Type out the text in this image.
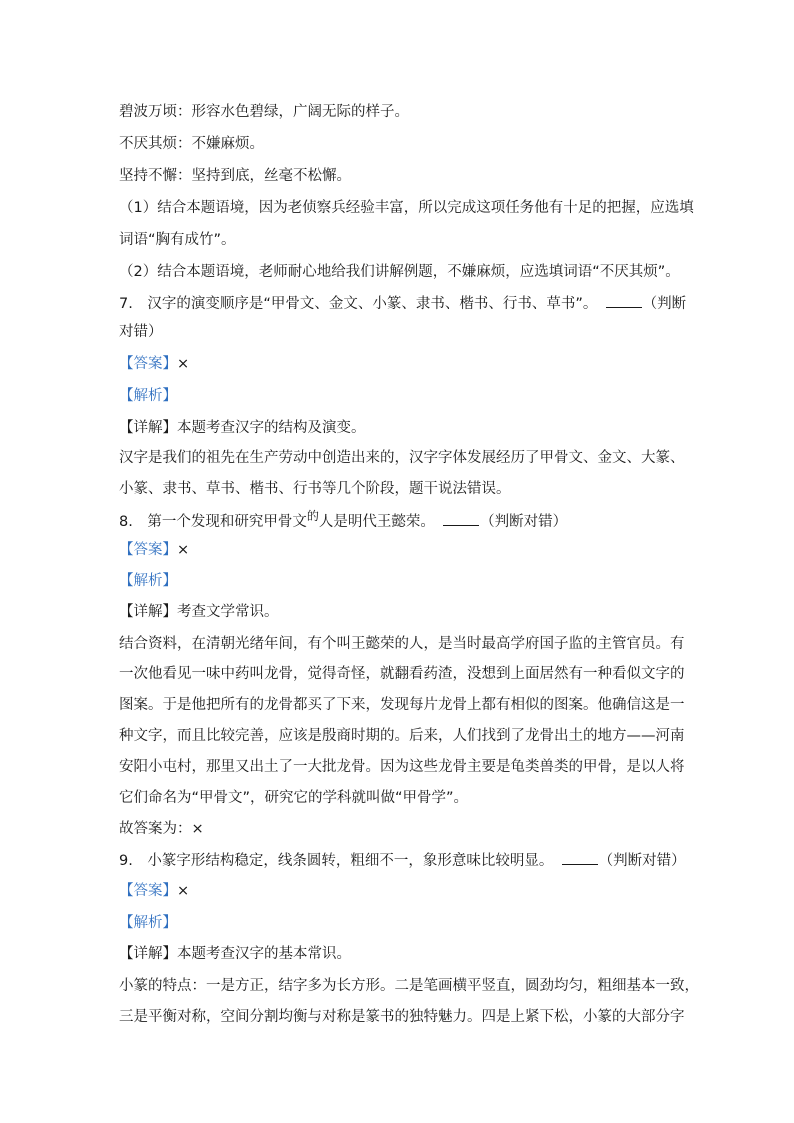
碧波万顷：形容水色碧绿，广阔无际的样子。
不厌其烦：不嫌麻烦。
坚持不懈：坚持到底，丝毫不松懈。
（1）结合本题语境，因为老侦察兵经验丰富，所以完成这项任务他有十足的把握，应选填
词语“胸有成竹”。
（2）结合本题语境，老师耐心地给我们讲解例题，不嫌麻烦，应选填词语“不厌其烦”。
7.　汉字的演变顺序是“甲骨文、金文、小篆、隶书、楷书、行书、草书”。　	（判断
对错）
【答案】×
【解析】
【详解】本题考查汉字的结构及演变。
汉字是我们的祖先在生产劳动中创造出来的，汉字字体发展经历了甲骨文、金文、大篆、
小篆、隶书、草书、楷书、行书等几个阶段，题干说法错误。
8.　第一个发现和研究甲骨文$^的$人是明代王懿荣。　	（判断对错）
【答案】×
【解析】
【详解】考查文学常识。
结合资料，在清朝光绪年间，有个叫王懿荣的人，是当时最高学府国子监的主管官员。有
一次他看见一味中药叫龙骨，觉得奇怪，就翻看药渣，没想到上面居然有一种看似文字的
图案。于是他把所有的龙骨都买了下来，发现每片龙骨上都有相似的图案。他确信这是一
种文字，而且比较完善，应该是殷商时期的。后来，人们找到了龙骨出土的地方——河南
安阳小屯村，那里又出土了一大批龙骨。因为这些龙骨主要是龟类兽类的甲骨，是以人将
它们命名为“甲骨文”，研究它的学科就叫做“甲骨学”。
故答案为：×
9.　小篆字形结构稳定，线条圆转，粗细不一，象形意味比较明显。　	（判断对错）
【答案】×
【解析】
【详解】本题考查汉字的基本常识。
小篆的特点：一是方正，结字多为长方形。二是笔画横平竖直，圆劲均匀，粗细基本一致，
三是平衡对称，空间分割均衡与对称是篆书的独特魅力。四是上紧下松，小篆的大部分字
